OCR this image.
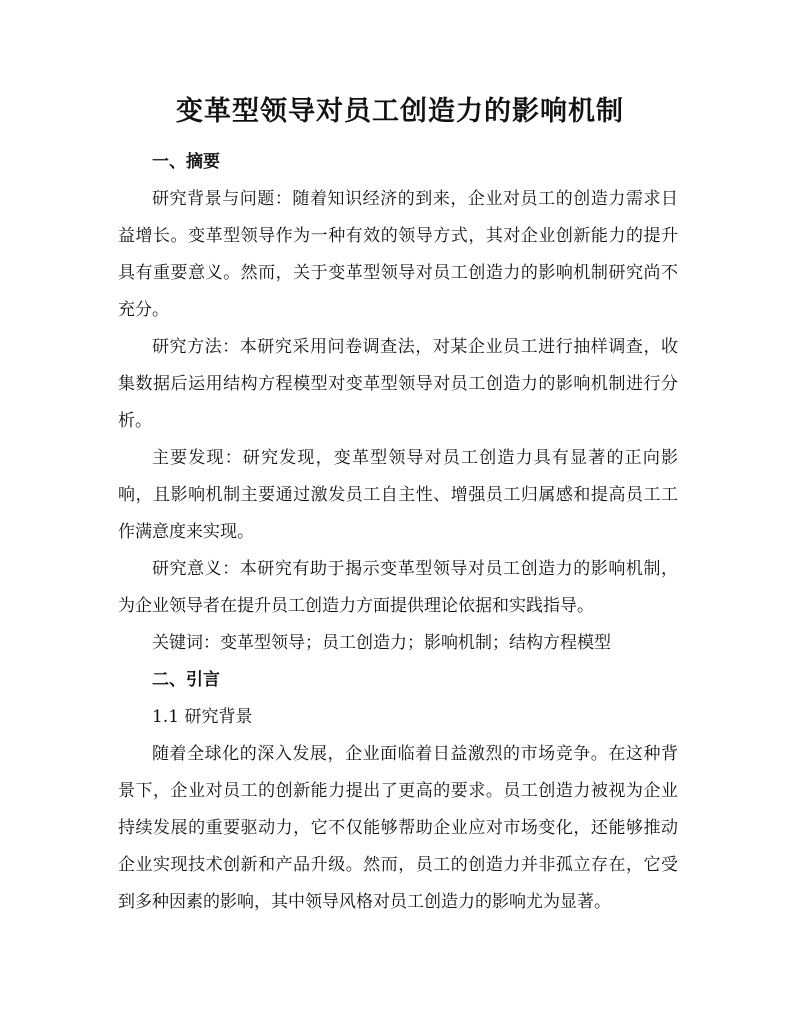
变革型领导对员工创造力的影响机制
一、摘要

研究背景与问题：随着知识经济的到来，企业对员工的创造力需求日益增长。变革型领导作为一种有效的领导方式，其对企业创新能力的提升具有重要意义。然而，关于变革型领导对员工创造力的影响机制研究尚不充分。

研究方法：本研究采用问卷调查法，对某企业员工进行抽样调查，收集数据后运用结构方程模型对变革型领导对员工创造力的影响机制进行分析。

主要发现：研究发现，变革型领导对员工创造力具有显著的正向影响，且影响机制主要通过激发员工自主性、增强员工归属感和提高员工工作满意度来实现。

研究意义：本研究有助于揭示变革型领导对员工创造力的影响机制，为企业领导者在提升员工创造力方面提供理论依据和实践指导。

关键词：变革型领导；员工创造力；影响机制；结构方程模型

二、引言

1.1 研究背景

随着全球化的深入发展，企业面临着日益激烈的市场竞争。在这种背景下，企业对员工的创新能力提出了更高的要求。员工创造力被视为企业持续发展的重要驱动力，它不仅能够帮助企业应对市场变化，还能够推动企业实现技术创新和产品升级。然而，员工的创造力并非孤立存在，它受到多种因素的影响，其中领导风格对员工创造力的影响尤为显著。
